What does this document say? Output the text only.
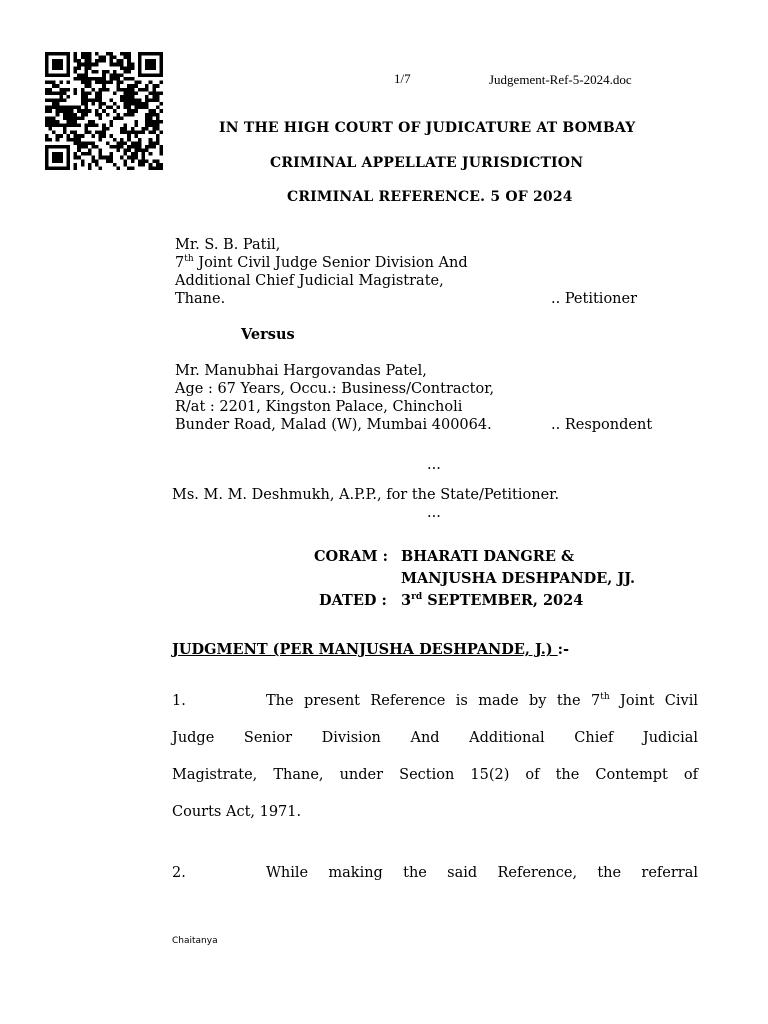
1/7	Judgement-Ref-5-2024.doc
IN THE HIGH COURT OF JUDICATURE AT BOMBAY
CRIMINAL APPELLATE JURISDICTION
CRIMINAL REFERENCE. 5 OF 2024
Mr. S. B. Patil,
7th Joint Civil Judge Senior Division And
Additional Chief Judicial Magistrate,
Thane.	.. Petitioner
Versus
Mr. Manubhai Hargovandas Patel,
Age : 67 Years, Occu.: Business/Contractor,
R/at : 2201, Kingston Palace, Chincholi
Bunder Road, Malad (W), Mumbai 400064.	.. Respondent
...
Ms. M. M. Deshmukh, A.P.P., for the State/Petitioner.
...
CORAM : BHARATI DANGRE &
MANJUSHA DESHPANDE, JJ.
DATED : 3rd SEPTEMBER, 2024
JUDGMENT (PER MANJUSHA DESHPANDE, J.) :-
1.	The present Reference is made by the 7th Joint Civil
Judge Senior Division And Additional Chief Judicial
Magistrate, Thane, under Section 15(2) of the Contempt of
Courts Act, 1971.
2.	While making the said Reference, the referral
Chaitanya
